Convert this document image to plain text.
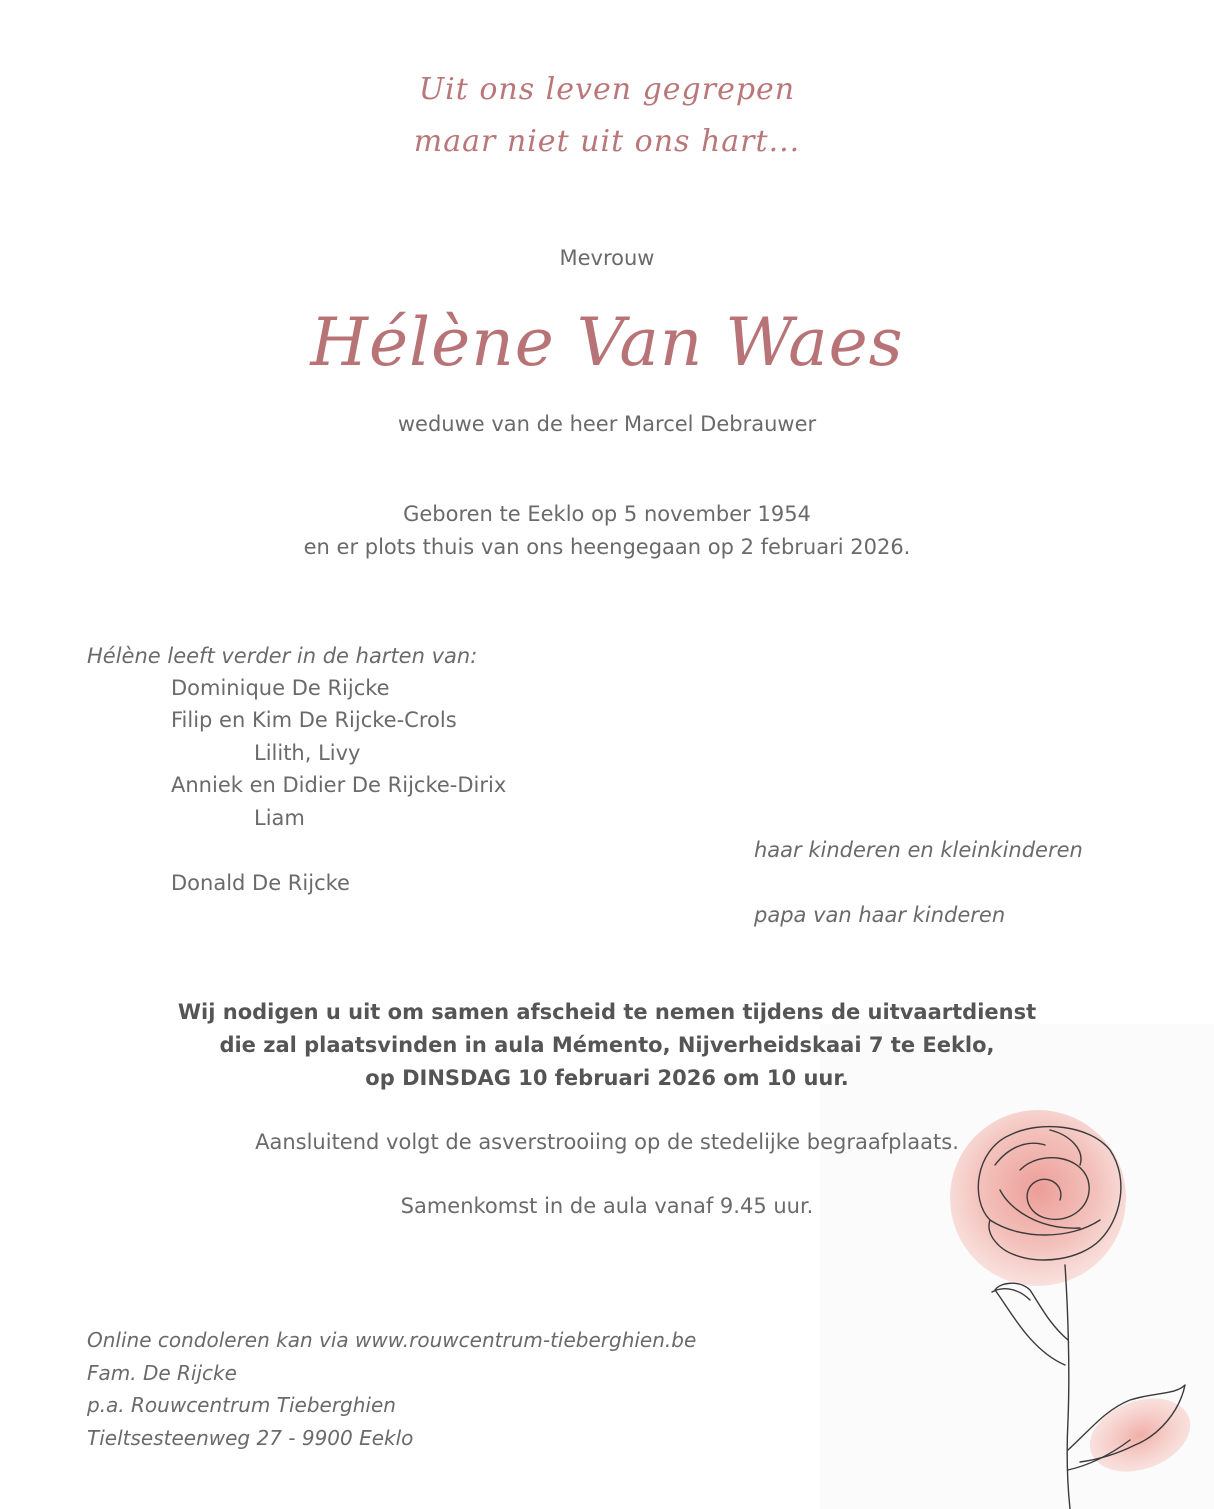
Uit ons leven gegrepen
maar niet uit ons hart...
Mevrouw
Hélène Van Waes
weduwe van de heer Marcel Debrauwer
Geboren te Eeklo op 5 november 1954
en er plots thuis van ons heengegaan op 2 februari 2026.
Hélène leeft verder in de harten van:
Dominique De Rijcke
Filip en Kim De Rijcke-Crols
Lilith, Livy
Anniek en Didier De Rijcke-Dirix
Liam
haar kinderen en kleinkinderen
Donald De Rijcke
papa van haar kinderen
Wij nodigen u uit om samen afscheid te nemen tijdens de uitvaartdienst
die zal plaatsvinden in aula Mémento, Nijverheidskaai 7 te Eeklo,
op DINSDAG 10 februari 2026 om 10 uur.
Aansluitend volgt de asverstrooiing op de stedelijke begraafplaats.
Samenkomst in de aula vanaf 9.45 uur.
Online condoleren kan via www.rouwcentrum-tieberghien.be
Fam. De Rijcke
p.a. Rouwcentrum Tieberghien
Tieltsesteenweg 27 - 9900 Eeklo
